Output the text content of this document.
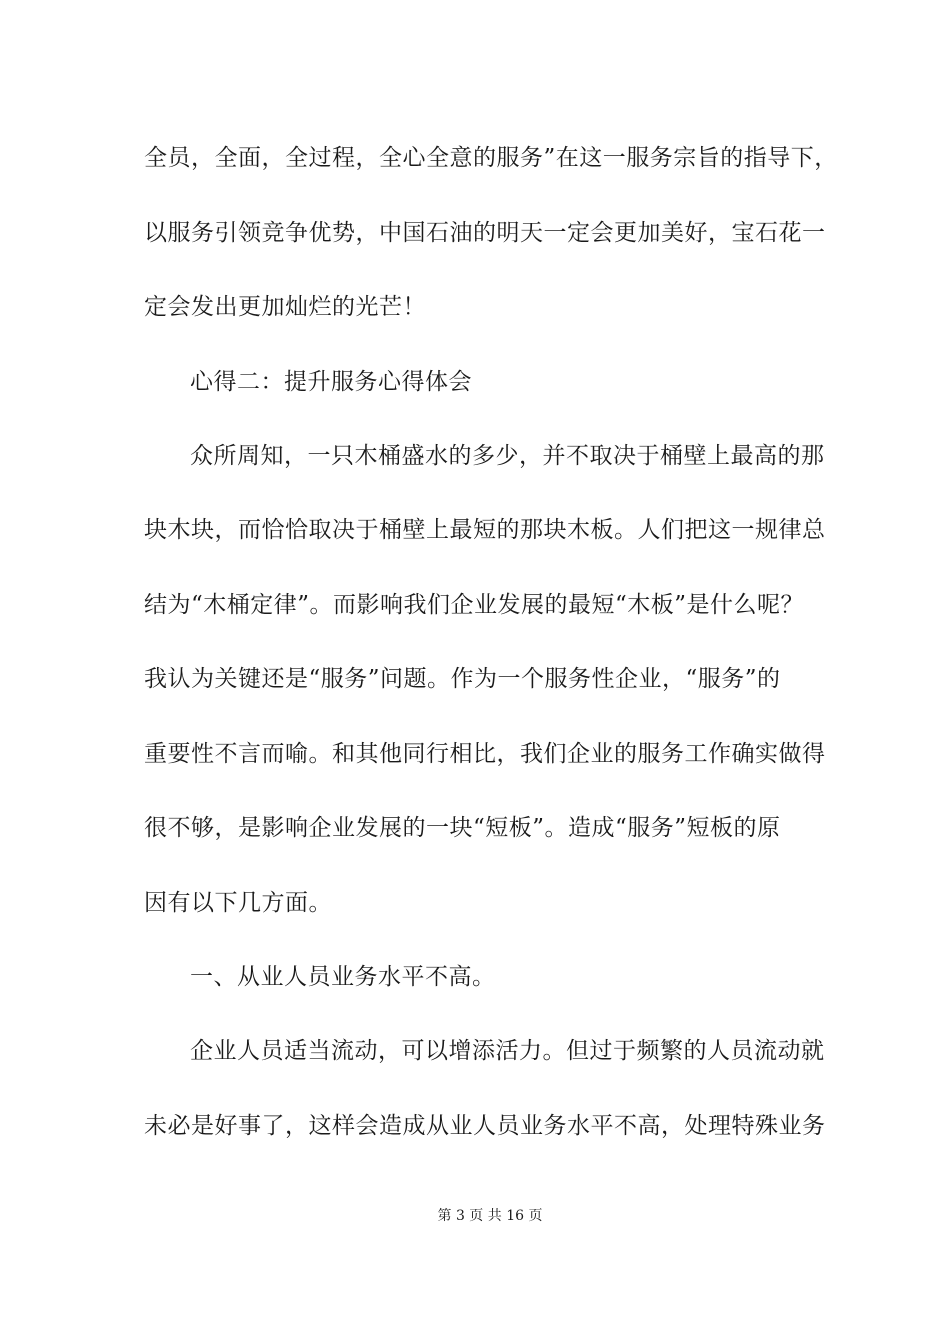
全员，全面，全过程，全心全意的服务”在这一服务宗旨的指导下，
以服务引领竞争优势，中国石油的明天一定会更加美好，宝石花一
定会发出更加灿烂的光芒！
心得二：提升服务心得体会
众所周知，一只木桶盛水的多少，并不取决于桶壁上最高的那
块木块，而恰恰取决于桶壁上最短的那块木板。人们把这一规律总
结为“木桶定律”。而影响我们企业发展的最短“木板”是什么呢？
我认为关键还是“服务”问题。作为一个服务性企业，“服务”的
重要性不言而喻。和其他同行相比，我们企业的服务工作确实做得
很不够，是影响企业发展的一块“短板”。造成“服务”短板的原
因有以下几方面。
一、从业人员业务水平不高。
企业人员适当流动，可以增添活力。但过于频繁的人员流动就
未必是好事了，这样会造成从业人员业务水平不高，处理特殊业务
第 3 页 共 16 页
